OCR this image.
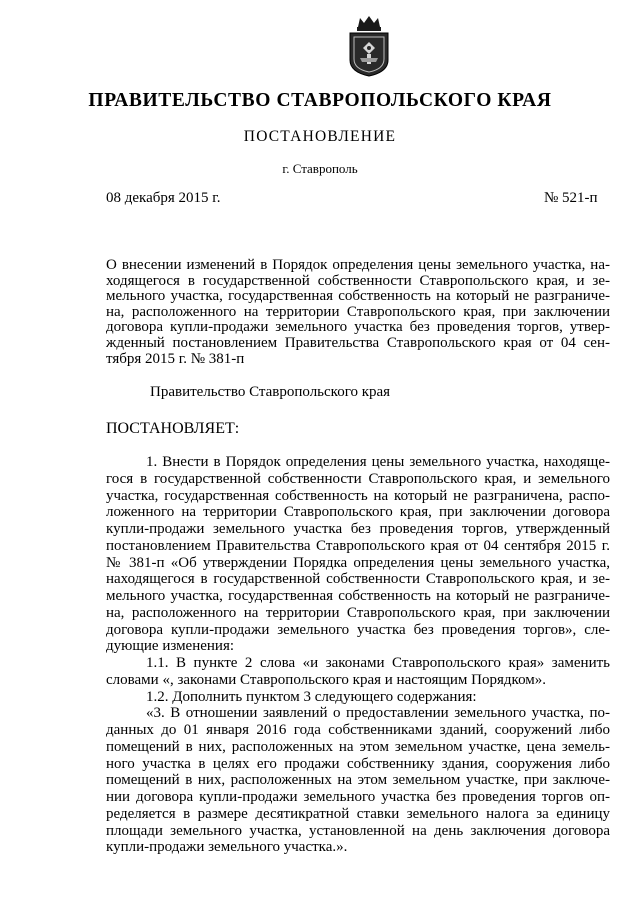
ПРАВИТЕЛЬСТВО СТАВРОПОЛЬСКОГО КРАЯ
ПОСТАНОВЛЕНИЕ
г. Ставрополь
08 декабря 2015 г.	№ 521-п
О внесении изменений в Порядок определения цены земельного участка, на-
ходящегося в государственной собственности Ставропольского края, и зе-
мельного участка, государственная собственность на который не разграниче-
на, расположенного на территории Ставропольского края, при заключении
договора купли-продажи земельного участка без проведения торгов, утвер-
жденный постановлением Правительства Ставропольского края от 04 сен-
тября 2015 г. № 381-п
Правительство Ставропольского края
ПОСТАНОВЛЯЕТ:
1. Внести в Порядок определения цены земельного участка, находяще-
гося в государственной собственности Ставропольского края, и земельного
участка, государственная собственность на который не разграничена, распо-
ложенного на территории Ставропольского края, при заключении договора
купли-продажи земельного участка без проведения торгов, утвержденный
постановлением Правительства Ставропольского края от 04 сентября 2015 г.
№ 381-п «Об утверждении Порядка определения цены земельного участка,
находящегося в государственной собственности Ставропольского края, и зе-
мельного участка, государственная собственность на который не разграниче-
на, расположенного на территории Ставропольского края, при заключении
договора купли-продажи земельного участка без проведения торгов», сле-
дующие изменения:
1.1. В пункте 2 слова «и законами Ставропольского края» заменить
словами «, законами Ставропольского края и настоящим Порядком».
1.2. Дополнить пунктом 3 следующего содержания:
«3. В отношении заявлений о предоставлении земельного участка, по-
данных до 01 января 2016 года собственниками зданий, сооружений либо
помещений в них, расположенных на этом земельном участке, цена земель-
ного участка в целях его продажи собственнику здания, сооружения либо
помещений в них, расположенных на этом земельном участке, при заключе-
нии договора купли-продажи земельного участка без проведения торгов оп-
ределяется в размере десятикратной ставки земельного налога за единицу
площади земельного участка, установленной на день заключения договора
купли-продажи земельного участка.».
